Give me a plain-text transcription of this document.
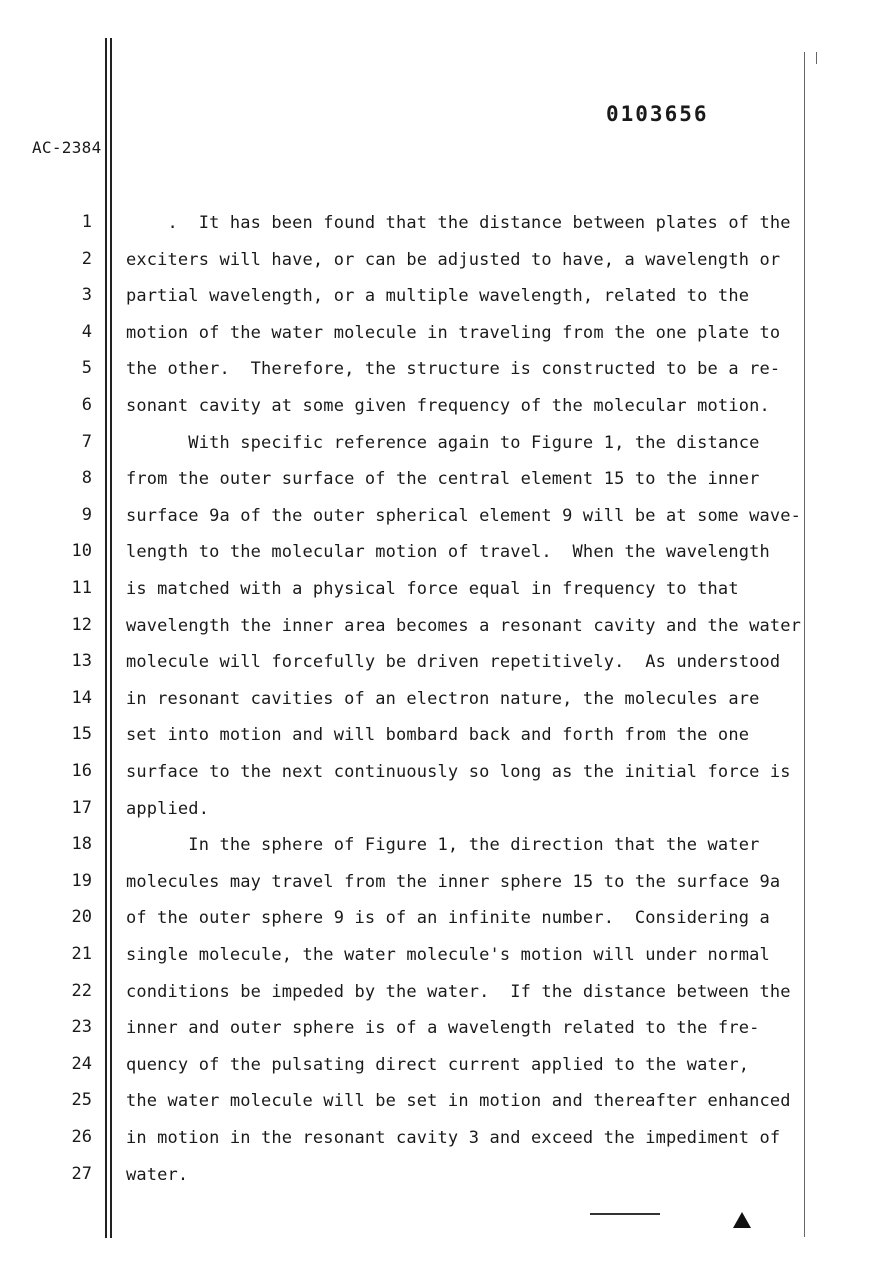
AC-2384
0103656
1 .  It has been found that the distance between plates of the
2 exciters will have, or can be adjusted to have, a wavelength or
3 partial wavelength, or a multiple wavelength, related to the
4 motion of the water molecule in traveling from the one plate to
5 the other.  Therefore, the structure is constructed to be a re-
6 sonant cavity at some given frequency of the molecular motion.
7 With specific reference again to Figure 1, the distance
8 from the outer surface of the central element 15 to the inner
9 surface 9a of the outer spherical element 9 will be at some wave-
10 length to the molecular motion of travel.  When the wavelength
11 is matched with a physical force equal in frequency to that
12 wavelength the inner area becomes a resonant cavity and the water
13 molecule will forcefully be driven repetitively.  As understood
14 in resonant cavities of an electron nature, the molecules are
15 set into motion and will bombard back and forth from the one
16 surface to the next continuously so long as the initial force is
17 applied.
18 In the sphere of Figure 1, the direction that the water
19 molecules may travel from the inner sphere 15 to the surface 9a
20 of the outer sphere 9 is of an infinite number.  Considering a
21 single molecule, the water molecule's motion will under normal
22 conditions be impeded by the water.  If the distance between the
23 inner and outer sphere is of a wavelength related to the fre-
24 quency of the pulsating direct current applied to the water,
25 the water molecule will be set in motion and thereafter enhanced
26 in motion in the resonant cavity 3 and exceed the impediment of
27 water.
